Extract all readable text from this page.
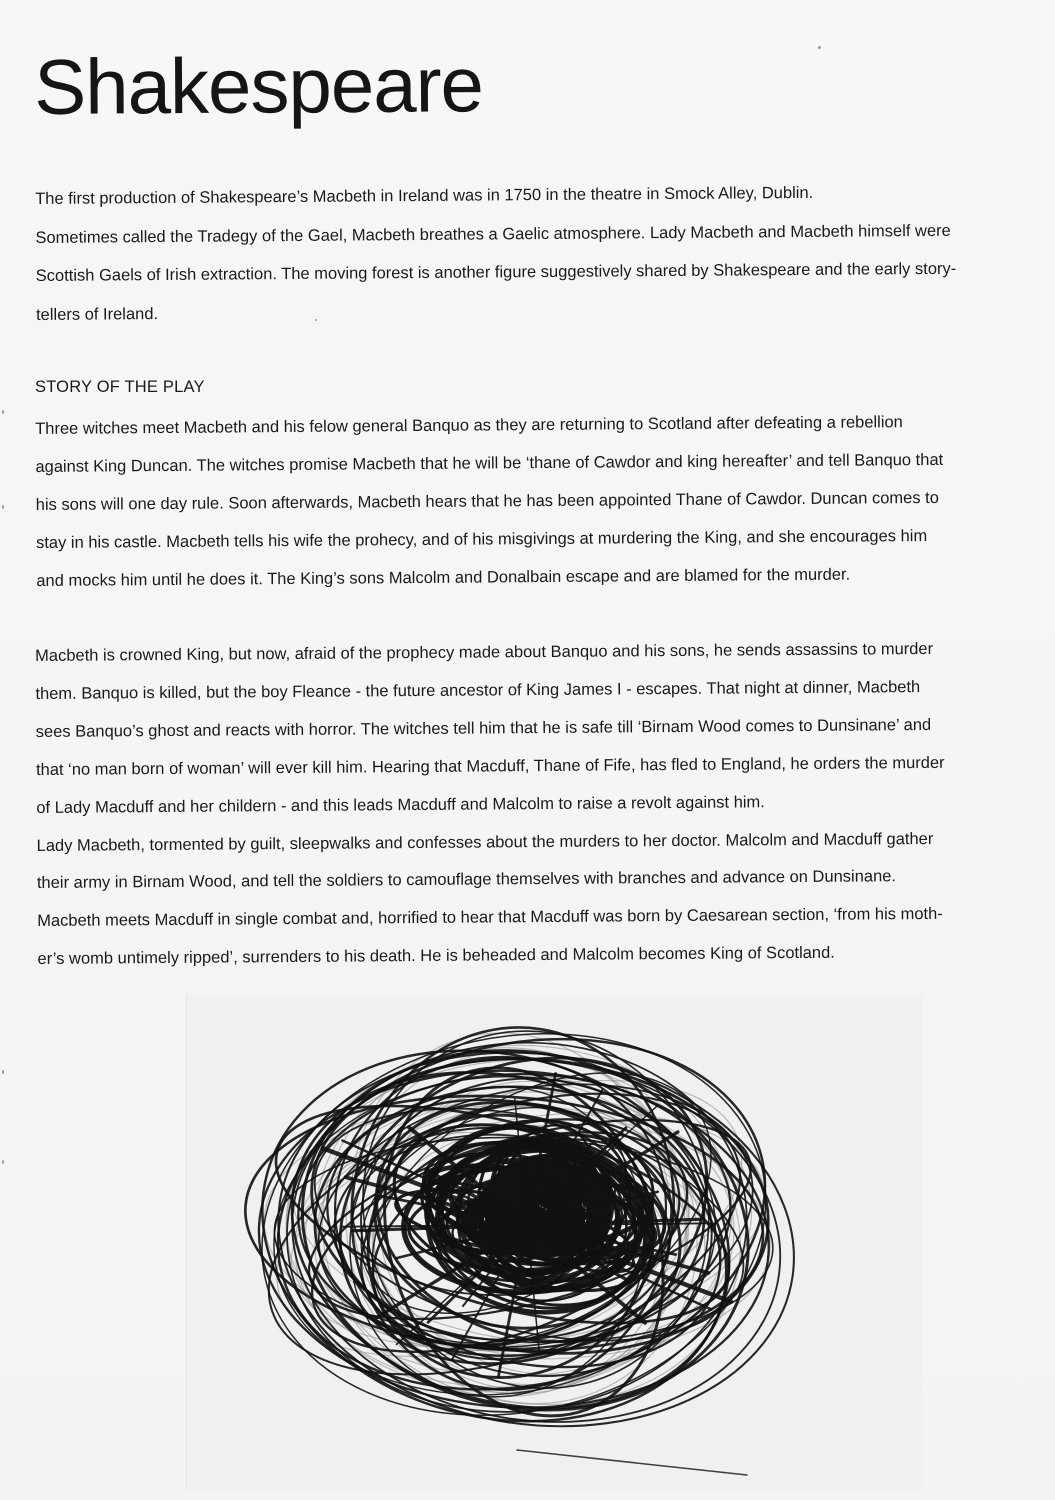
Shakespeare

The first production of Shakespeare’s Macbeth in Ireland was in 1750 in the theatre in Smock Alley, Dublin.
Sometimes called the Tradegy of the Gael, Macbeth breathes a Gaelic atmosphere. Lady Macbeth and Macbeth himself were
Scottish Gaels of Irish extraction. The moving forest is another figure suggestively shared by Shakespeare and the early story-
tellers of Ireland.

STORY OF THE PLAY

Three witches meet Macbeth and his felow general Banquo as they are returning to Scotland after defeating a rebellion
against King Duncan. The witches promise Macbeth that he will be ‘thane of Cawdor and king hereafter’ and tell Banquo that
his sons will one day rule. Soon afterwards, Macbeth hears that he has been appointed Thane of Cawdor. Duncan comes to
stay in his castle. Macbeth tells his wife the prohecy, and of his misgivings at murdering the King, and she encourages him
and mocks him until he does it. The King’s sons Malcolm and Donalbain escape and are blamed for the murder.

Macbeth is crowned King, but now, afraid of the prophecy made about Banquo and his sons, he sends assassins to murder
them. Banquo is killed, but the boy Fleance - the future ancestor of King James I - escapes. That night at dinner, Macbeth
sees Banquo’s ghost and reacts with horror. The witches tell him that he is safe till ‘Birnam Wood comes to Dunsinane’ and
that ‘no man born of woman’ will ever kill him. Hearing that Macduff, Thane of Fife, has fled to England, he orders the murder
of Lady Macduff and her childern - and this leads Macduff and Malcolm to raise a revolt against him.
Lady Macbeth, tormented by guilt, sleepwalks and confesses about the murders to her doctor. Malcolm and Macduff gather
their army in Birnam Wood, and tell the soldiers to camouflage themselves with branches and advance on Dunsinane.
Macbeth meets Macduff in single combat and, horrified to hear that Macduff was born by Caesarean section, ‘from his moth-
er’s womb untimely ripped’, surrenders to his death. He is beheaded and Malcolm becomes King of Scotland.
